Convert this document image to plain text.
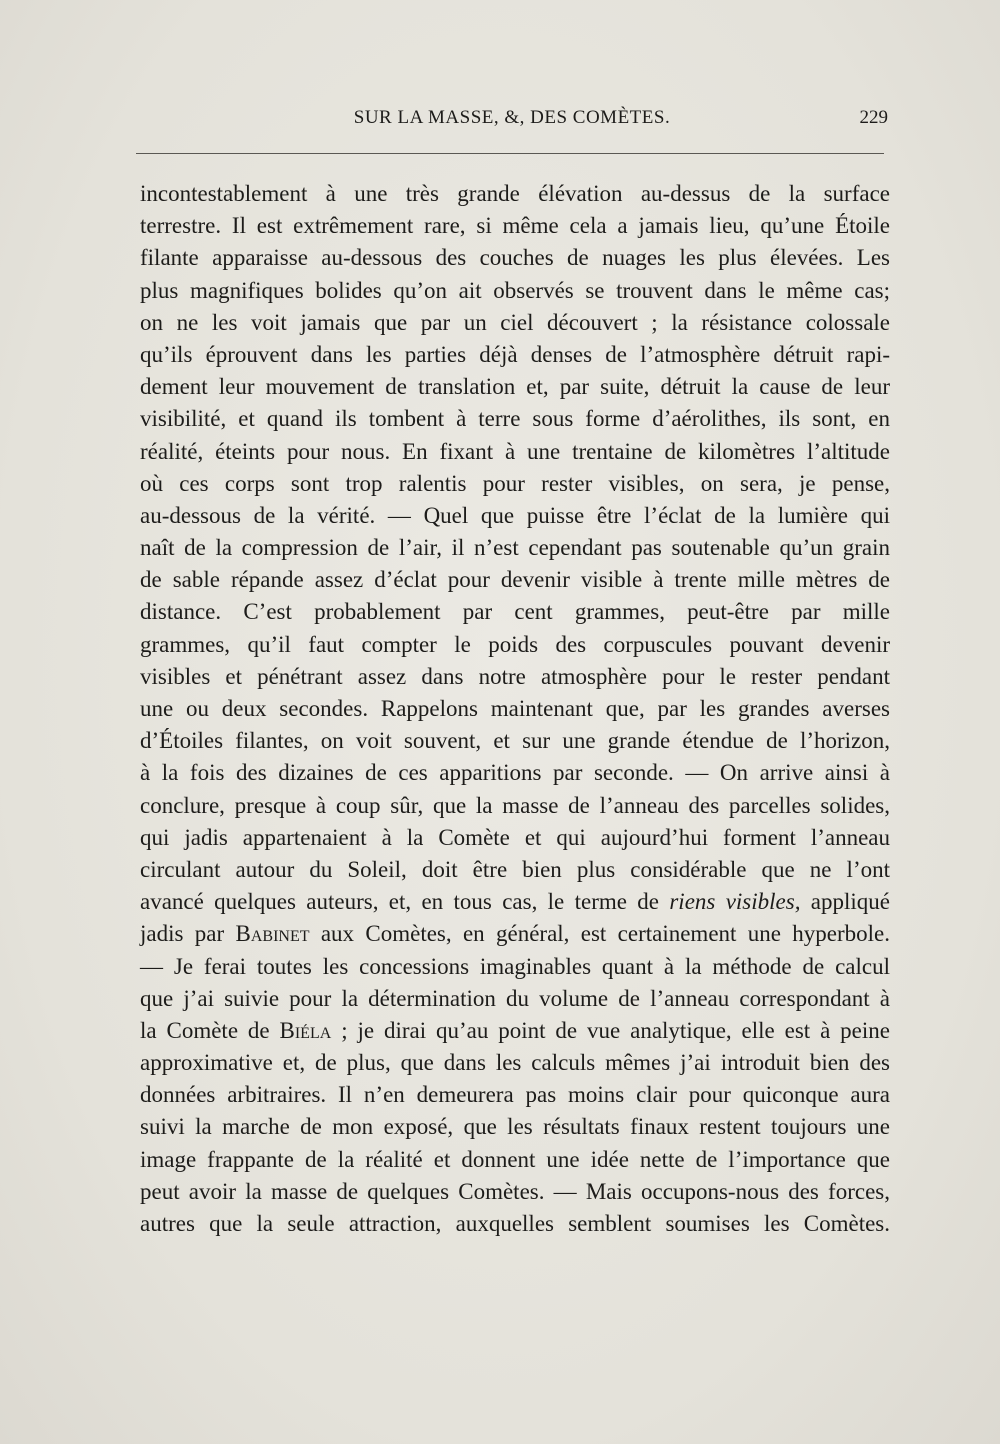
SUR LA MASSE, &, DES COMÈTES.	229
incontestablement à une très grande élévation au-dessus de la surface
terrestre. Il est extrêmement rare, si même cela a jamais lieu, qu’une Étoile
filante apparaisse au-dessous des couches de nuages les plus élevées. Les
plus magnifiques bolides qu’on ait observés se trouvent dans le même cas;
on ne les voit jamais que par un ciel découvert ; la résistance colossale
qu’ils éprouvent dans les parties déjà denses de l’atmosphère détruit rapi-
dement leur mouvement de translation et, par suite, détruit la cause de leur
visibilité, et quand ils tombent à terre sous forme d’aérolithes, ils sont, en
réalité, éteints pour nous. En fixant à une trentaine de kilomètres l’altitude
où ces corps sont trop ralentis pour rester visibles, on sera, je pense,
au-dessous de la vérité. — Quel que puisse être l’éclat de la lumière qui
naît de la compression de l’air, il n’est cependant pas soutenable qu’un grain
de sable répande assez d’éclat pour devenir visible à trente mille mètres de
distance. C’est probablement par cent grammes, peut-être par mille
grammes, qu’il faut compter le poids des corpuscules pouvant devenir
visibles et pénétrant assez dans notre atmosphère pour le rester pendant
une ou deux secondes. Rappelons maintenant que, par les grandes averses
d’Étoiles filantes, on voit souvent, et sur une grande étendue de l’horizon,
à la fois des dizaines de ces apparitions par seconde. — On arrive ainsi à
conclure, presque à coup sûr, que la masse de l’anneau des parcelles solides,
qui jadis appartenaient à la Comète et qui aujourd’hui forment l’anneau
circulant autour du Soleil, doit être bien plus considérable que ne l’ont
avancé quelques auteurs, et, en tous cas, le terme de riens visibles, appliqué
jadis par Babinet aux Comètes, en général, est certainement une hyperbole.
— Je ferai toutes les concessions imaginables quant à la méthode de calcul
que j’ai suivie pour la détermination du volume de l’anneau correspondant à
la Comète de Biéla ; je dirai qu’au point de vue analytique, elle est à peine
approximative et, de plus, que dans les calculs mêmes j’ai introduit bien des
données arbitraires. Il n’en demeurera pas moins clair pour quiconque aura
suivi la marche de mon exposé, que les résultats finaux restent toujours une
image frappante de la réalité et donnent une idée nette de l’importance que
peut avoir la masse de quelques Comètes. — Mais occupons-nous des forces,
autres que la seule attraction, auxquelles semblent soumises les Comètes.
